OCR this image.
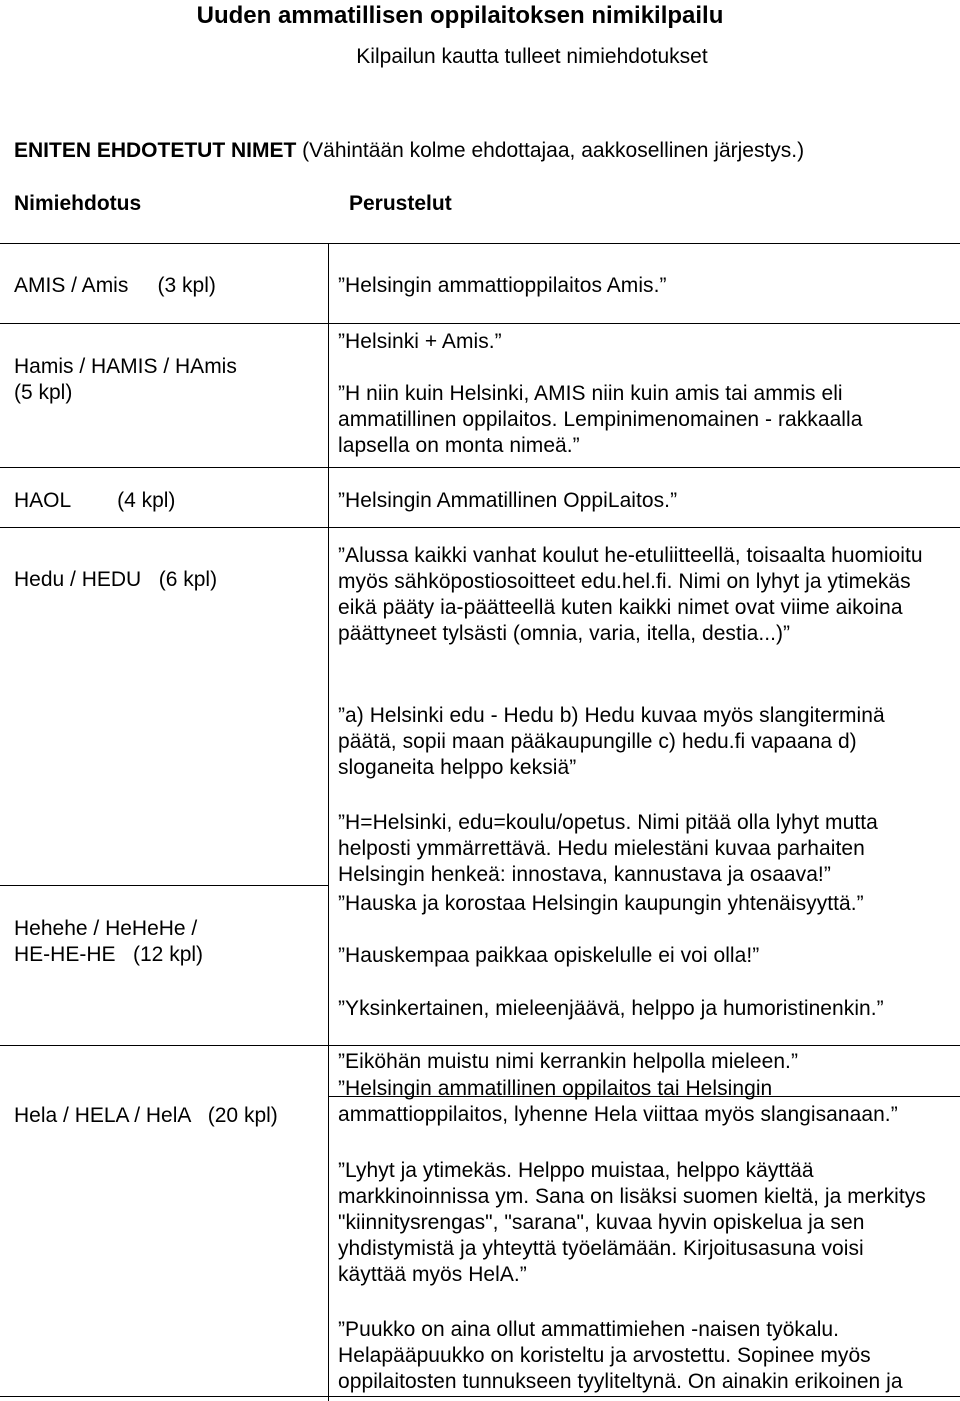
Uuden ammatillisen oppilaitoksen nimikilpailu
Kilpailun kautta tulleet nimiehdotukset
ENITEN EHDOTETUT NIMET (Vähintään kolme ehdottajaa, aakkosellinen järjestys.)
Nimiehdotus	Perustelut
AMIS / Amis     (3 kpl)
Hamis / HAMIS / HAmis
(5 kpl)
HAOL        (4 kpl)
Hedu / HEDU   (6 kpl)
Hehehe / HeHeHe /
HE-HE-HE   (12 kpl)
Hela / HELA / HelA   (20 kpl)
”Helsingin ammattioppilaitos Amis.”
”Helsinki + Amis.”
”H niin kuin Helsinki, AMIS niin kuin amis tai ammis eli ammatillinen oppilaitos. Lempinimenomainen - rakkaalla lapsella on monta nimeä.”
”Helsingin Ammatillinen OppiLaitos.”
”Alussa kaikki vanhat koulut he-etuliitteellä, toisaalta huomioitu myös sähköpostiosoitteet edu.hel.fi. Nimi on lyhyt ja ytimekäs eikä pääty ia-päätteellä kuten kaikki nimet ovat viime aikoina päättyneet tylsästi (omnia, varia, itella, destia...)”
”a) Helsinki edu - Hedu b) Hedu kuvaa myös slangiterminä päätä, sopii maan pääkaupungille c) hedu.fi vapaana d) sloganeita helppo keksiä”
”H=Helsinki, edu=koulu/opetus. Nimi pitää olla lyhyt mutta helposti ymmärrettävä. Hedu mielestäni kuvaa parhaiten Helsingin henkeä: innostava, kannustava ja osaava!”
”Hauska ja korostaa Helsingin kaupungin yhtenäisyyttä.”
”Hauskempaa paikkaa opiskelulle ei voi olla!”
”Yksinkertainen, mieleenjäävä, helppo ja humoristinenkin.”
”Eiköhän muistu nimi kerrankin helpolla mieleen.”
”Helsingin ammatillinen oppilaitos tai Helsingin ammattioppilaitos, lyhenne Hela viittaa myös slangisanaan.”
”Lyhyt ja ytimekäs. Helppo muistaa, helppo käyttää markkinoinnissa ym. Sana on lisäksi suomen kieltä, ja merkitys "kiinnitysrengas", "sarana", kuvaa hyvin opiskelua ja sen yhdistymistä ja yhteyttä työelämään. Kirjoitusasuna voisi käyttää myös HelA.”
”Puukko on aina ollut ammattimiehen -naisen työkalu. Helapääpuukko on koristeltu ja arvostettu. Sopinee myös oppilaitosten tunnukseen tyyliteltynä. On ainakin erikoinen ja
